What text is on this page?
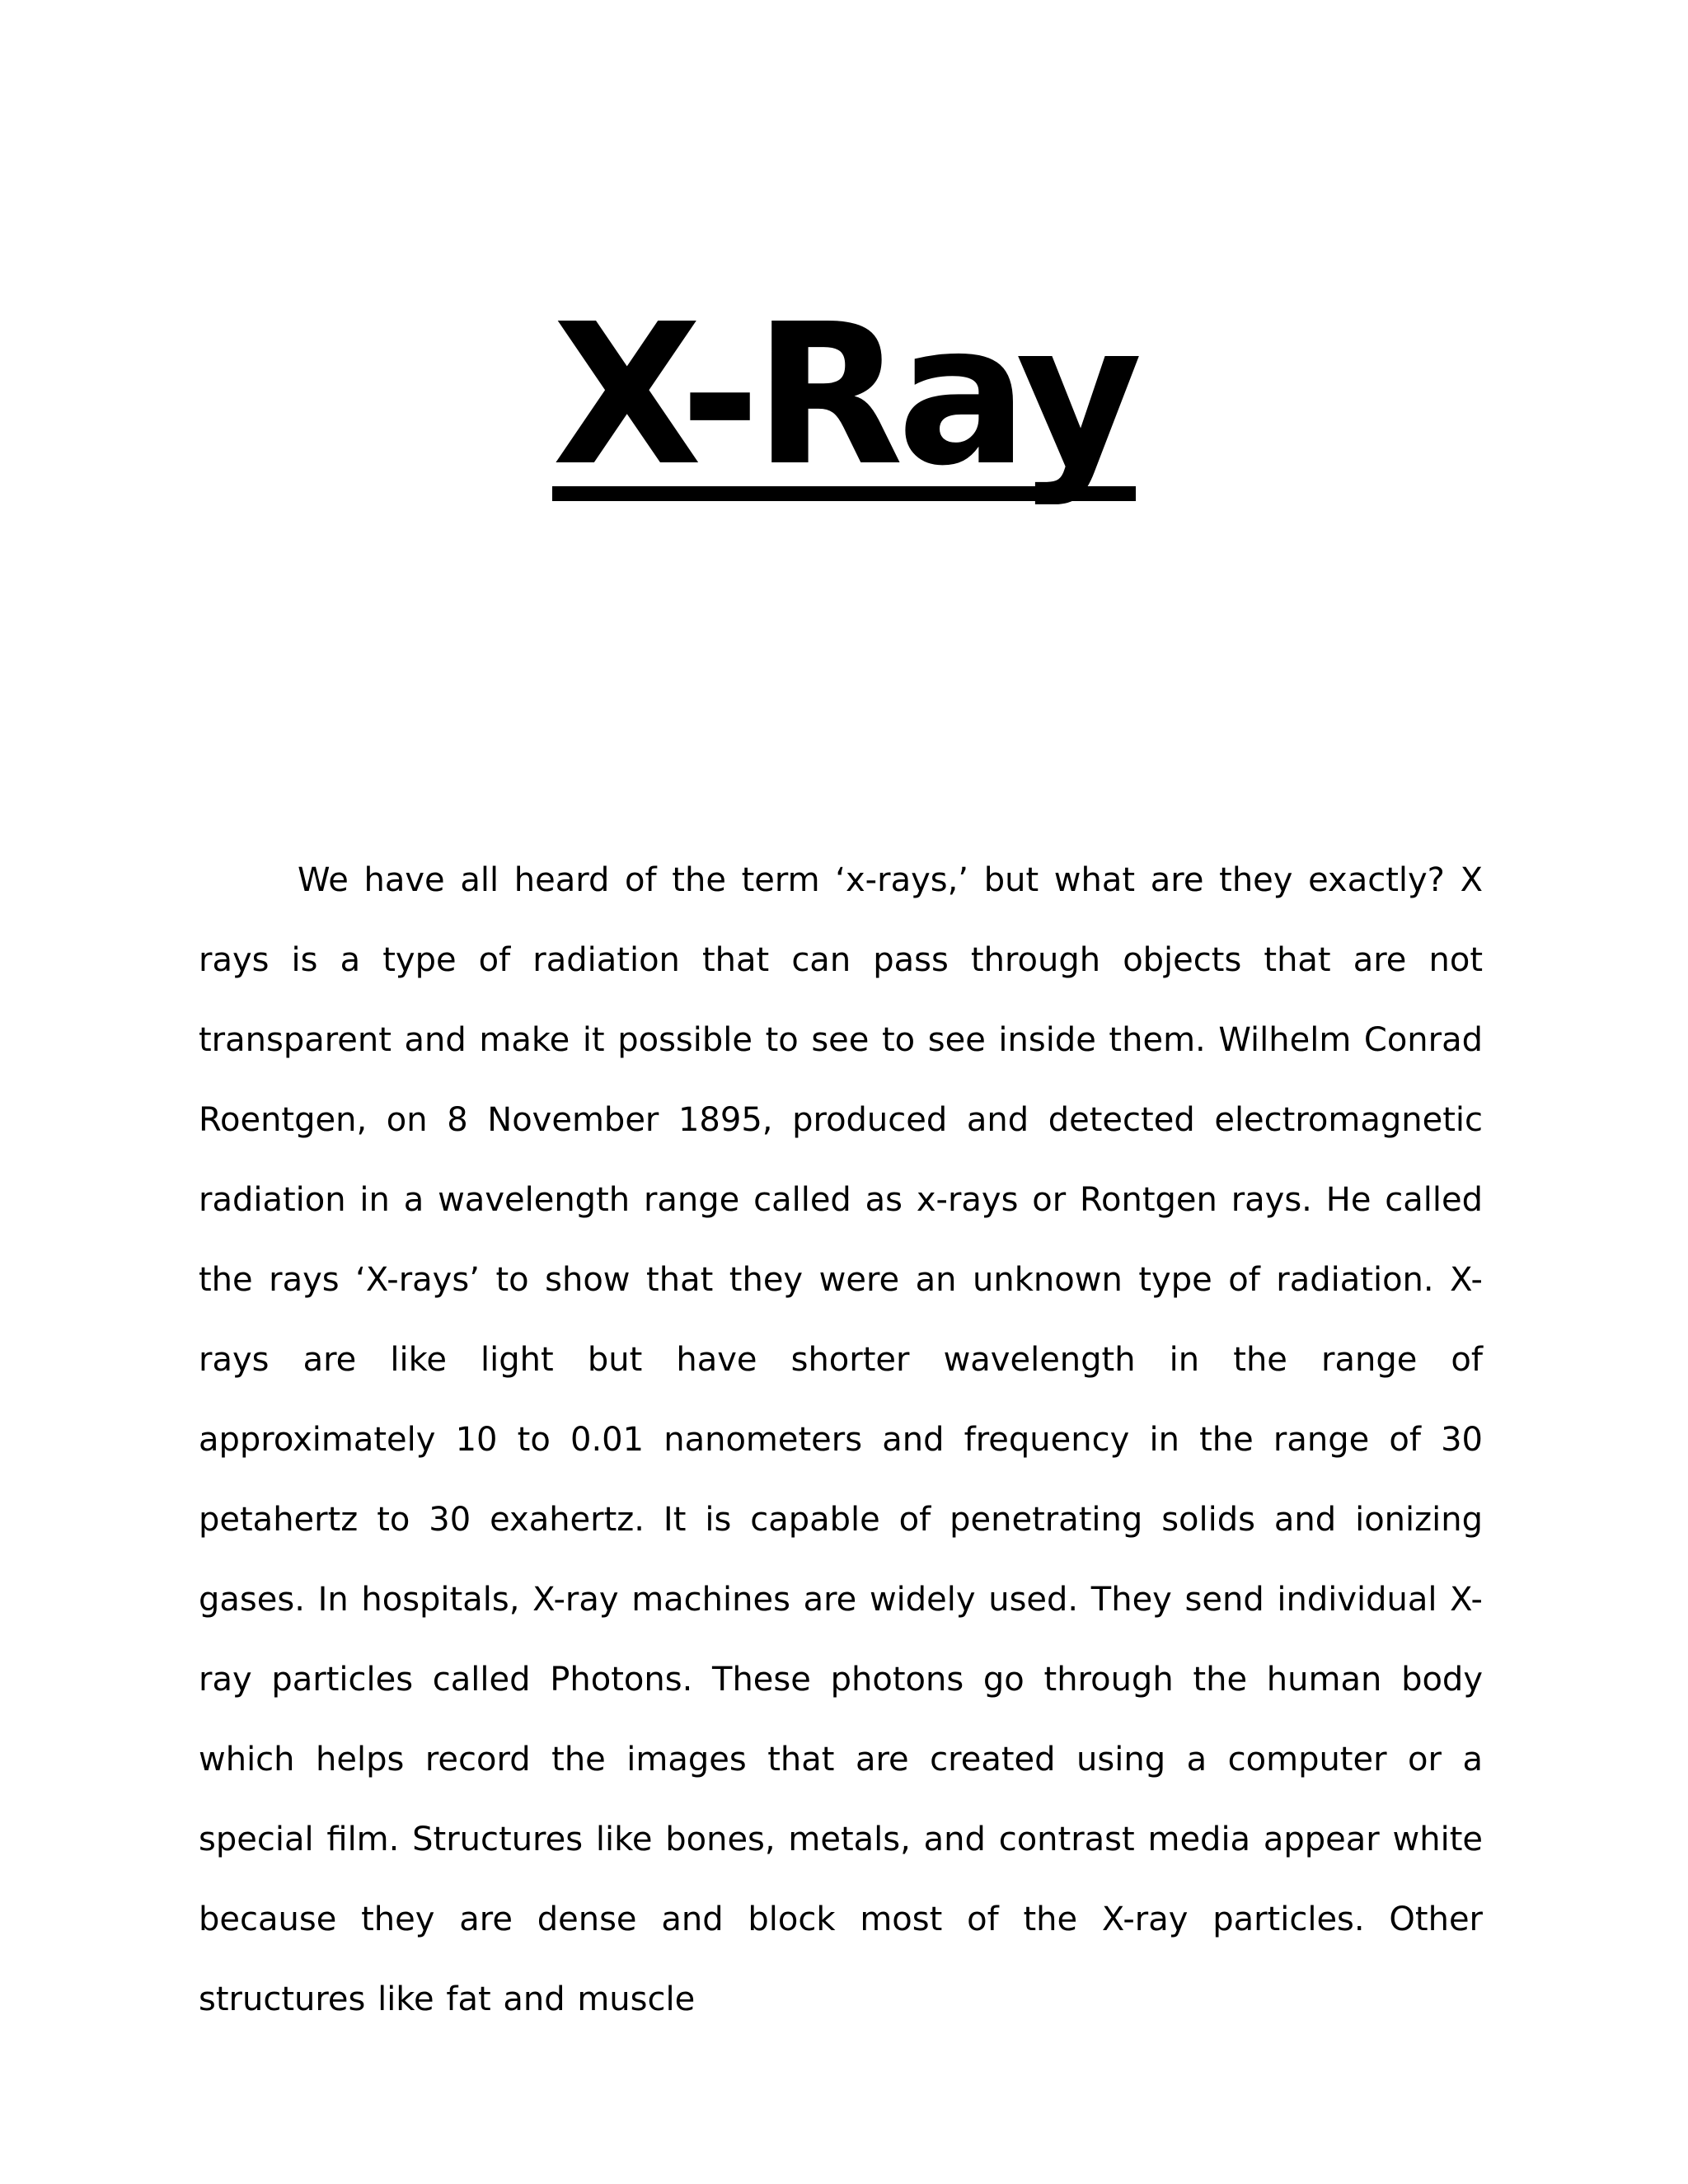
X-Ray

We have all heard of the term ‘x-rays,’ but what are they exactly? X rays is a type of radiation that can pass through objects that are not transparent and make it possible to see to see inside them. Wilhelm Conrad Roentgen, on 8 November 1895, produced and detected electromagnetic radiation in a wavelength range called as x-rays or Rontgen rays. He called the rays ‘X-rays’ to show that they were an unknown type of radiation. X-rays are like light but have shorter wavelength in the range of approximately 10 to 0.01 nanometers and frequency in the range of 30 petahertz to 30 exahertz. It is capable of penetrating solids and ionizing gases. In hospitals, X-ray machines are widely used. They send individual X-ray particles called Photons. These photons go through the human body which helps record the images that are created using a computer or a special film. Structures like bones, metals, and contrast media appear white because they are dense and block most of the X-ray particles. Other structures like fat and muscle
